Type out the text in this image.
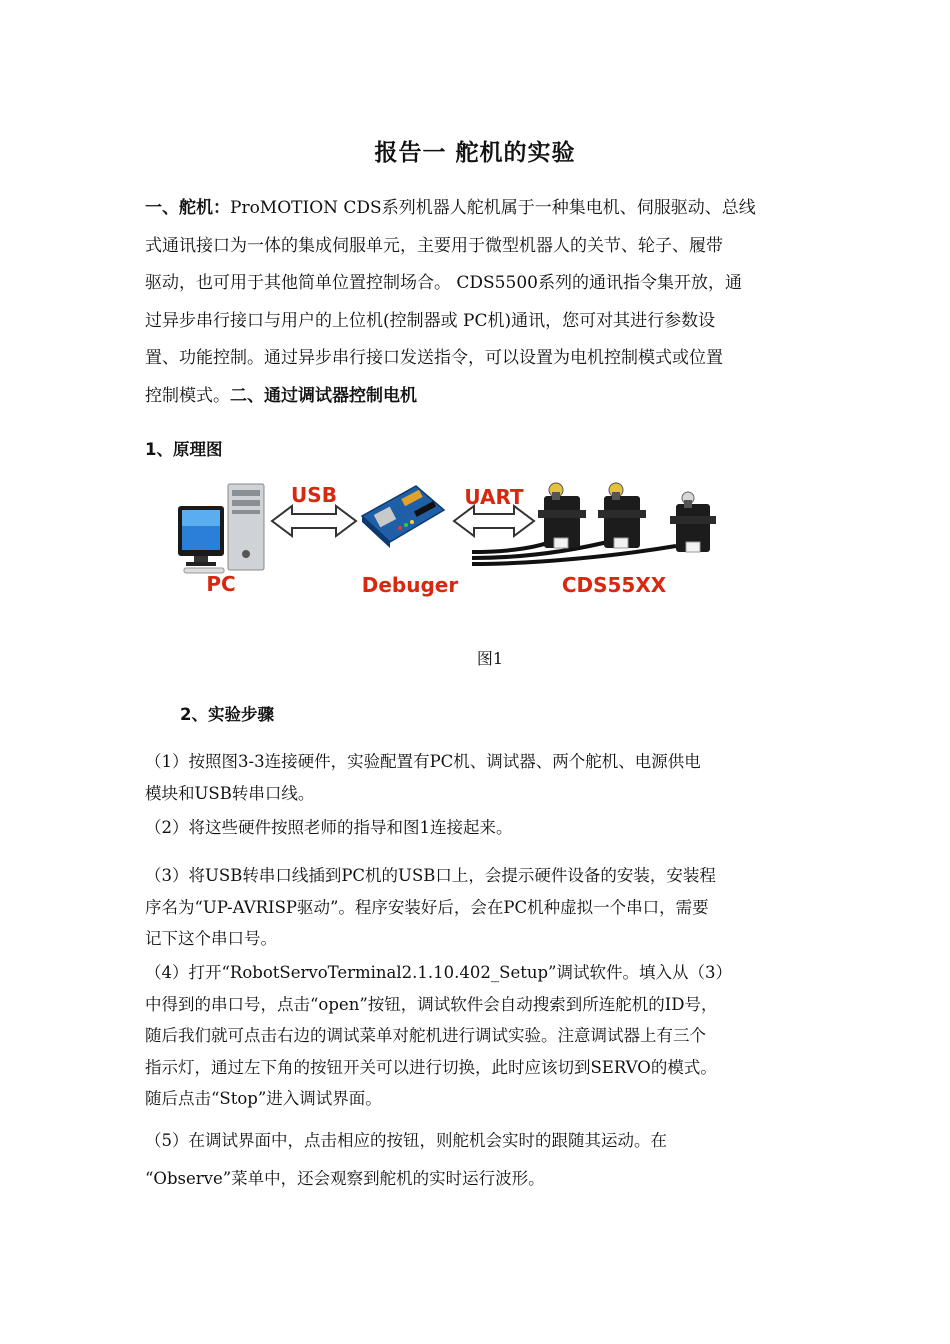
报告一 舵机的实验
一、舵机：ProMOTION CDS系列机器人舵机属于一种集电机、伺服驱动、总线
式通讯接口为一体的集成伺服单元，主要用于微型机器人的关节、轮子、履带
驱动，也可用于其他简单位置控制场合。 CDS5500系列的通讯指令集开放，通
过异步串行接口与用户的上位机(控制器或 PC机)通讯，您可对其进行参数设
置、功能控制。通过异步串行接口发送指令，可以设置为电机控制模式或位置
控制模式。二、通过调试器控制电机
1、原理图
USB	UART
PC	Debuger	CDS55XX
图1
2、实验步骤
（1）按照图3-3连接硬件，实验配置有PC机、调试器、两个舵机、电源供电
模块和USB转串口线。
（2）将这些硬件按照老师的指导和图1连接起来。
（3）将USB转串口线插到PC机的USB口上，会提示硬件设备的安装，安装程
序名为“UP-AVRISP驱动”。程序安装好后，会在PC机种虚拟一个串口，需要
记下这个串口号。
（4）打开“RobotServoTerminal2.1.10.402_Setup”调试软件。填入从（3）
中得到的串口号，点击“open”按钮，调试软件会自动搜索到所连舵机的ID号，
随后我们就可点击右边的调试菜单对舵机进行调试实验。注意调试器上有三个
指示灯，通过左下角的按钮开关可以进行切换，此时应该切到SERVO的模式。
随后点击“Stop”进入调试界面。
（5）在调试界面中，点击相应的按钮，则舵机会实时的跟随其运动。在
“Observe”菜单中，还会观察到舵机的实时运行波形。
